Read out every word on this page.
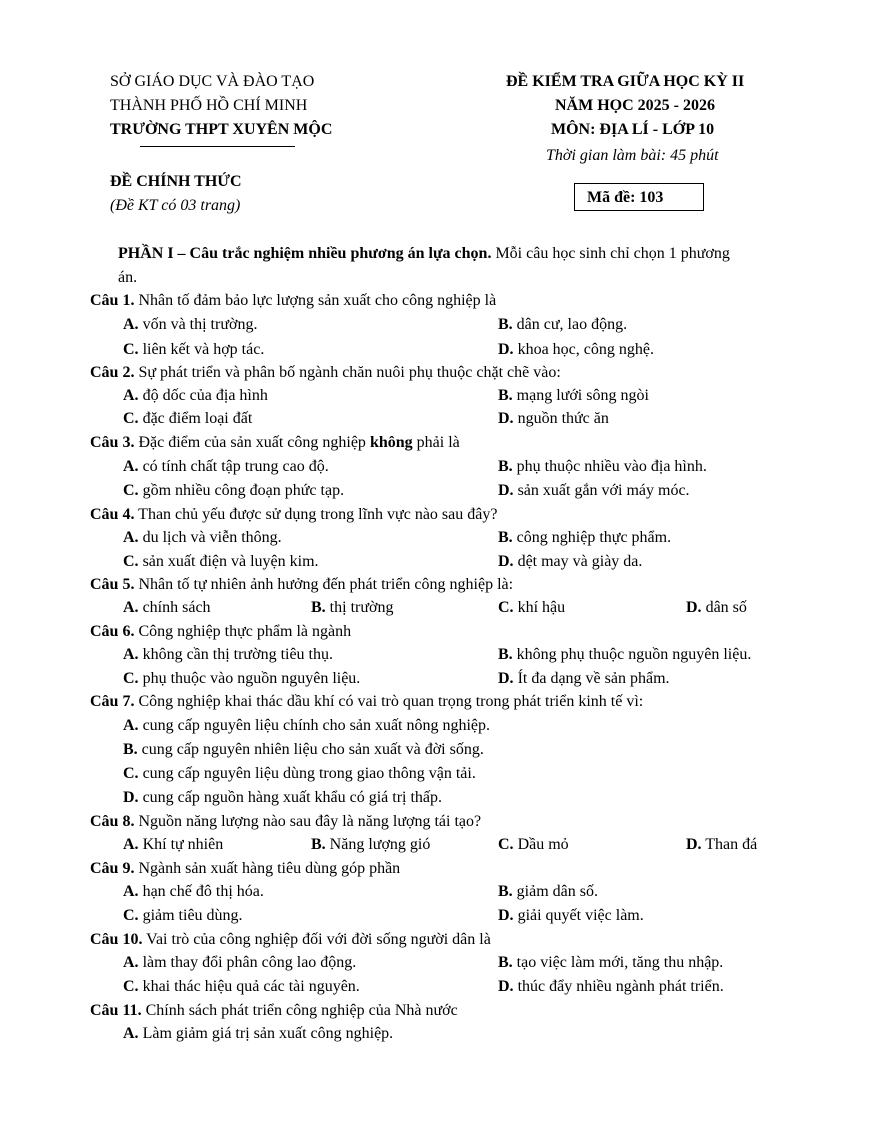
SỞ GIÁO DỤC VÀ ĐÀO TẠO
THÀNH PHỐ HỒ CHÍ MINH
TRƯỜNG THPT XUYÊN MỘC
ĐỀ KIỂM TRA GIỮA HỌC KỲ II
NĂM HỌC 2025 - 2026
MÔN: ĐỊA LÍ - LỚP 10
Thời gian làm bài: 45 phút
ĐỀ CHÍNH THỨC
(Đề KT có 03 trang)	Mã đề: 103
PHẦN I – Câu trắc nghiệm nhiều phương án lựa chọn. Mỗi câu học sinh chỉ chọn 1 phương
án.
Câu 1. Nhân tố đảm bảo lực lượng sản xuất cho công nghiệp là
A. vốn và thị trường.	B. dân cư, lao động.
C. liên kết và hợp tác.	D. khoa học, công nghệ.
Câu 2. Sự phát triển và phân bố ngành chăn nuôi phụ thuộc chặt chẽ vào:
A. độ dốc của địa hình	B. mạng lưới sông ngòi
C. đặc điểm loại đất	D. nguồn thức ăn
Câu 3. Đặc điểm của sản xuất công nghiệp không phải là
A. có tính chất tập trung cao độ.	B. phụ thuộc nhiều vào địa hình.
C. gồm nhiều công đoạn phức tạp.	D. sản xuất gắn với máy móc.
Câu 4. Than chủ yếu được sử dụng trong lĩnh vực nào sau đây?
A. du lịch và viễn thông.	B. công nghiệp thực phẩm.
C. sản xuất điện và luyện kim.	D. dệt may và giày da.
Câu 5. Nhân tố tự nhiên ảnh hưởng đến phát triển công nghiệp là:
A. chính sách	B. thị trường	C. khí hậu	D. dân số
Câu 6. Công nghiệp thực phẩm là ngành
A. không cần thị trường tiêu thụ.	B. không phụ thuộc nguồn nguyên liệu.
C. phụ thuộc vào nguồn nguyên liệu.	D. Ít đa dạng về sản phẩm.
Câu 7. Công nghiệp khai thác dầu khí có vai trò quan trọng trong phát triển kinh tế vì:
A. cung cấp nguyên liệu chính cho sản xuất nông nghiệp.
B. cung cấp nguyên nhiên liệu cho sản xuất và đời sống.
C. cung cấp nguyên liệu dùng trong giao thông vận tải.
D. cung cấp nguồn hàng xuất khẩu có giá trị thấp.
Câu 8. Nguồn năng lượng nào sau đây là năng lượng tái tạo?
A. Khí tự nhiên	B. Năng lượng gió	C. Dầu mỏ	D. Than đá
Câu 9. Ngành sản xuất hàng tiêu dùng góp phần
A. hạn chế đô thị hóa.	B. giảm dân số.
C. giảm tiêu dùng.	D. giải quyết việc làm.
Câu 10. Vai trò của công nghiệp đối với đời sống người dân là
A. làm thay đổi phân công lao động.	B. tạo việc làm mới, tăng thu nhập.
C. khai thác hiệu quả các tài nguyên.	D. thúc đẩy nhiều ngành phát triển.
Câu 11. Chính sách phát triển công nghiệp của Nhà nước
A. Làm giảm giá trị sản xuất công nghiệp.
